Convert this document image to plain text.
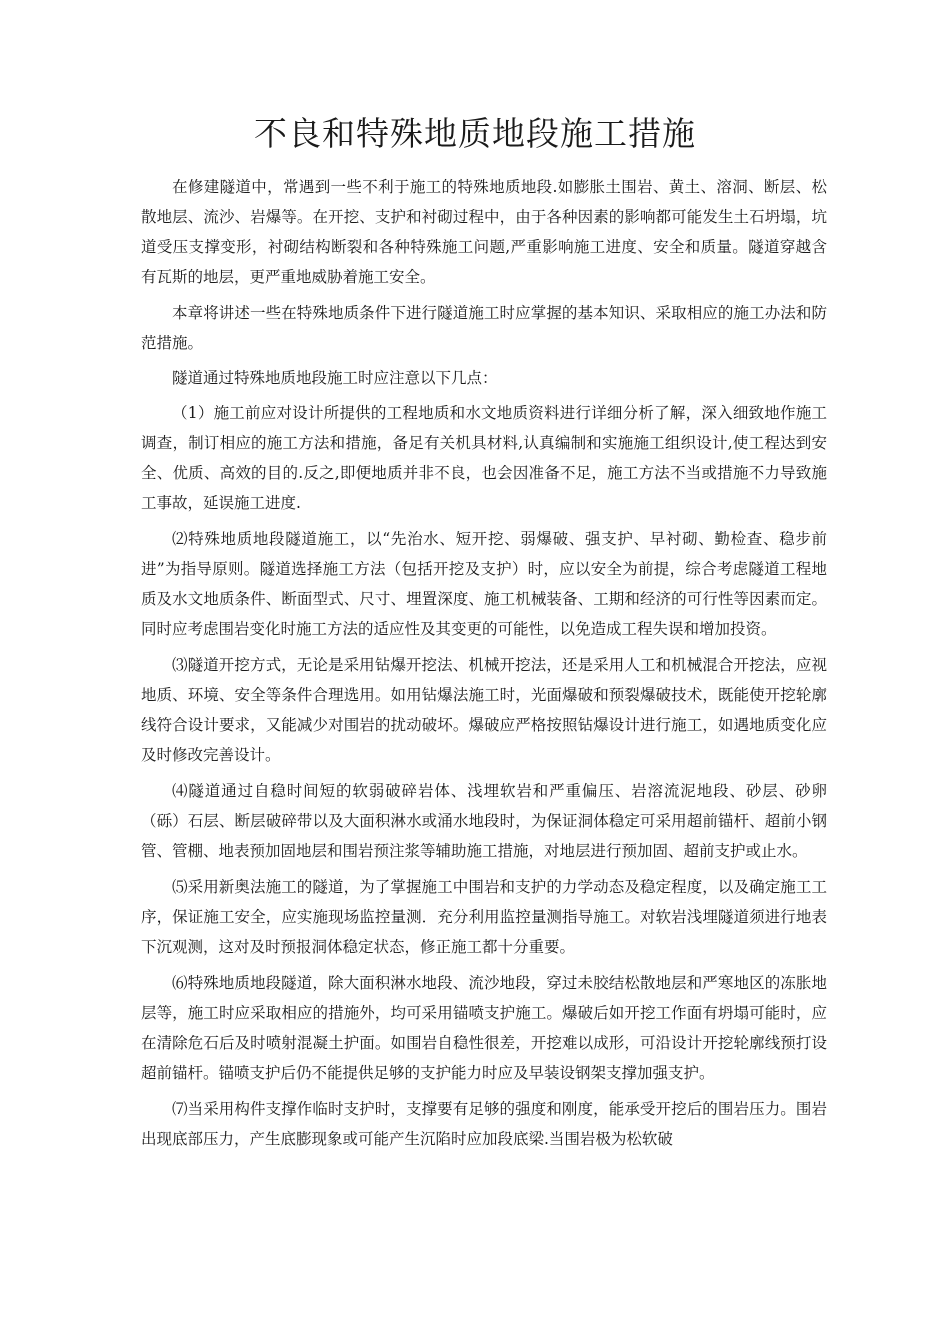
不良和特殊地质地段施工措施

在修建隧道中，常遇到一些不利于施工的特殊地质地段.如膨胀土围岩、黄土、溶洞、断层、松散地层、流沙、岩爆等。在开挖、支护和衬砌过程中，由于各种因素的影响都可能发生土石坍塌，坑道受压支撑变形，衬砌结构断裂和各种特殊施工问题,严重影响施工进度、安全和质量。隧道穿越含有瓦斯的地层，更严重地威胁着施工安全。

本章将讲述一些在特殊地质条件下进行隧道施工时应掌握的基本知识、采取相应的施工办法和防范措施。

隧道通过特殊地质地段施工时应注意以下几点：

（1）施工前应对设计所提供的工程地质和水文地质资料进行详细分析了解，深入细致地作施工调查，制订相应的施工方法和措施，备足有关机具材料,认真编制和实施施工组织设计,使工程达到安全、优质、高效的目的.反之,即便地质并非不良，也会因准备不足，施工方法不当或措施不力导致施工事故，延误施工进度.

⑵特殊地质地段隧道施工，以“先治水、短开挖、弱爆破、强支护、早衬砌、勤检查、稳步前进”为指导原则。隧道选择施工方法（包括开挖及支护）时，应以安全为前提，综合考虑隧道工程地质及水文地质条件、断面型式、尺寸、埋置深度、施工机械装备、工期和经济的可行性等因素而定。同时应考虑围岩变化时施工方法的适应性及其变更的可能性，以免造成工程失误和增加投资。

⑶隧道开挖方式，无论是采用钻爆开挖法、机械开挖法，还是采用人工和机械混合开挖法，应视地质、环境、安全等条件合理选用。如用钻爆法施工时，光面爆破和预裂爆破技术，既能使开挖轮廓线符合设计要求，又能减少对围岩的扰动破坏。爆破应严格按照钻爆设计进行施工，如遇地质变化应及时修改完善设计。

⑷隧道通过自稳时间短的软弱破碎岩体、浅埋软岩和严重偏压、岩溶流泥地段、砂层、砂卵（砾）石层、断层破碎带以及大面积淋水或涌水地段时，为保证洞体稳定可采用超前锚杆、超前小钢管、管棚、地表预加固地层和围岩预注浆等辅助施工措施，对地层进行预加固、超前支护或止水。

⑸采用新奥法施工的隧道，为了掌握施工中围岩和支护的力学动态及稳定程度，以及确定施工工序，保证施工安全，应实施现场监控量测．充分利用监控量测指导施工。对软岩浅埋隧道须进行地表下沉观测，这对及时预报洞体稳定状态，修正施工都十分重要。

⑹特殊地质地段隧道，除大面积淋水地段、流沙地段，穿过未胶结松散地层和严寒地区的冻胀地层等，施工时应采取相应的措施外，均可采用锚喷支护施工。爆破后如开挖工作面有坍塌可能时，应在清除危石后及时喷射混凝土护面。如围岩自稳性很差，开挖难以成形，可沿设计开挖轮廓线预打设超前锚杆。锚喷支护后仍不能提供足够的支护能力时应及早装设钢架支撑加强支护。

⑺当采用构件支撑作临时支护时，支撑要有足够的强度和刚度，能承受开挖后的围岩压力。围岩出现底部压力，产生底膨现象或可能产生沉陷时应加段底梁.当围岩极为松软破
